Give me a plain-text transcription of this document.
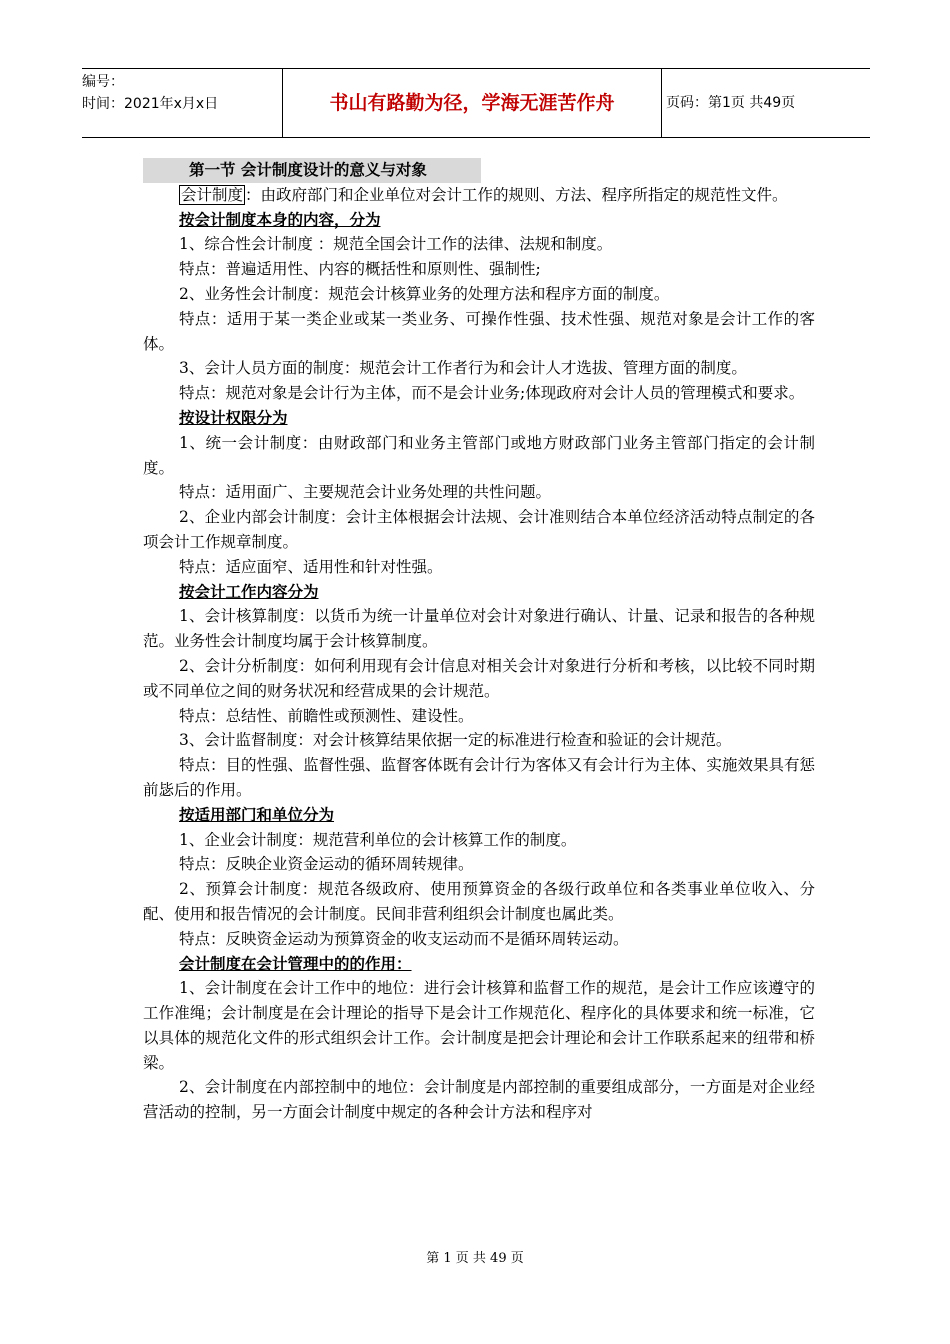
编号：
时间：2021年x月x日	书山有路勤为径，学海无涯苦作舟	页码：第1页 共49页
第一节 会计制度设计的意义与对象

会计制度 ：由政府部门和企业单位对会计工作的规则、方法、程序所指定的规范性文件。

按会计制度本身的内容，分为

1、综合性会计制度 ：规范全国会计工作的法律、法规和制度。

特点：普遍适用性、内容的概括性和原则性、强制性;

2、业务性会计制度：规范会计核算业务的处理方法和程序方面的制度。

特点：适用于某一类企业或某一类业务、可操作性强、技术性强、规范对象是会计工作的客体。

3、会计人员方面的制度：规范会计工作者行为和会计人才选拔、管理方面的制度。

特点：规范对象是会计行为主体，而不是会计业务;体现政府对会计人员的管理模式和要求。

按设计权限分为

1、统一会计制度：由财政部门和业务主管部门或地方财政部门业务主管部门指定的会计制度。

特点：适用面广、主要规范会计业务处理的共性问题。

2、企业内部会计制度：会计主体根据会计法规、会计准则结合本单位经济活动特点制定的各项会计工作规章制度。

特点：适应面窄、适用性和针对性强。

按会计工作内容分为

1、会计核算制度：以货币为统一计量单位对会计对象进行确认、计量、记录和报告的各种规范。业务性会计制度均属于会计核算制度。

2、会计分析制度：如何利用现有会计信息对相关会计对象进行分析和考核，以比较不同时期或不同单位之间的财务状况和经营成果的会计规范。

特点：总结性、前瞻性或预测性、建设性。

3、会计监督制度：对会计核算结果依据一定的标准进行检查和验证的会计规范。

特点：目的性强、监督性强、监督客体既有会计行为客体又有会计行为主体、实施效果具有惩前毖后的作用。

按适用部门和单位分为

1、企业会计制度：规范营利单位的会计核算工作的制度。

特点：反映企业资金运动的循环周转规律。

2、预算会计制度：规范各级政府、使用预算资金的各级行政单位和各类事业单位收入、分配、使用和报告情况的会计制度。民间非营利组织会计制度也属此类。

特点：反映资金运动为预算资金的收支运动而不是循环周转运动。

会计制度在会计管理中的的作用：

1、会计制度在会计工作中的地位：进行会计核算和监督工作的规范，是会计工作应该遵守的工作准绳；会计制度是在会计理论的指导下是会计工作规范化、程序化的具体要求和统一标准，它以具体的规范化文件的形式组织会计工作。会计制度是把会计理论和会计工作联系起来的纽带和桥梁。

2、会计制度在内部控制中的地位：会计制度是内部控制的重要组成部分，一方面是对企业经营活动的控制，另一方面会计制度中规定的各种会计方法和程序对

第 1 页 共 49 页
